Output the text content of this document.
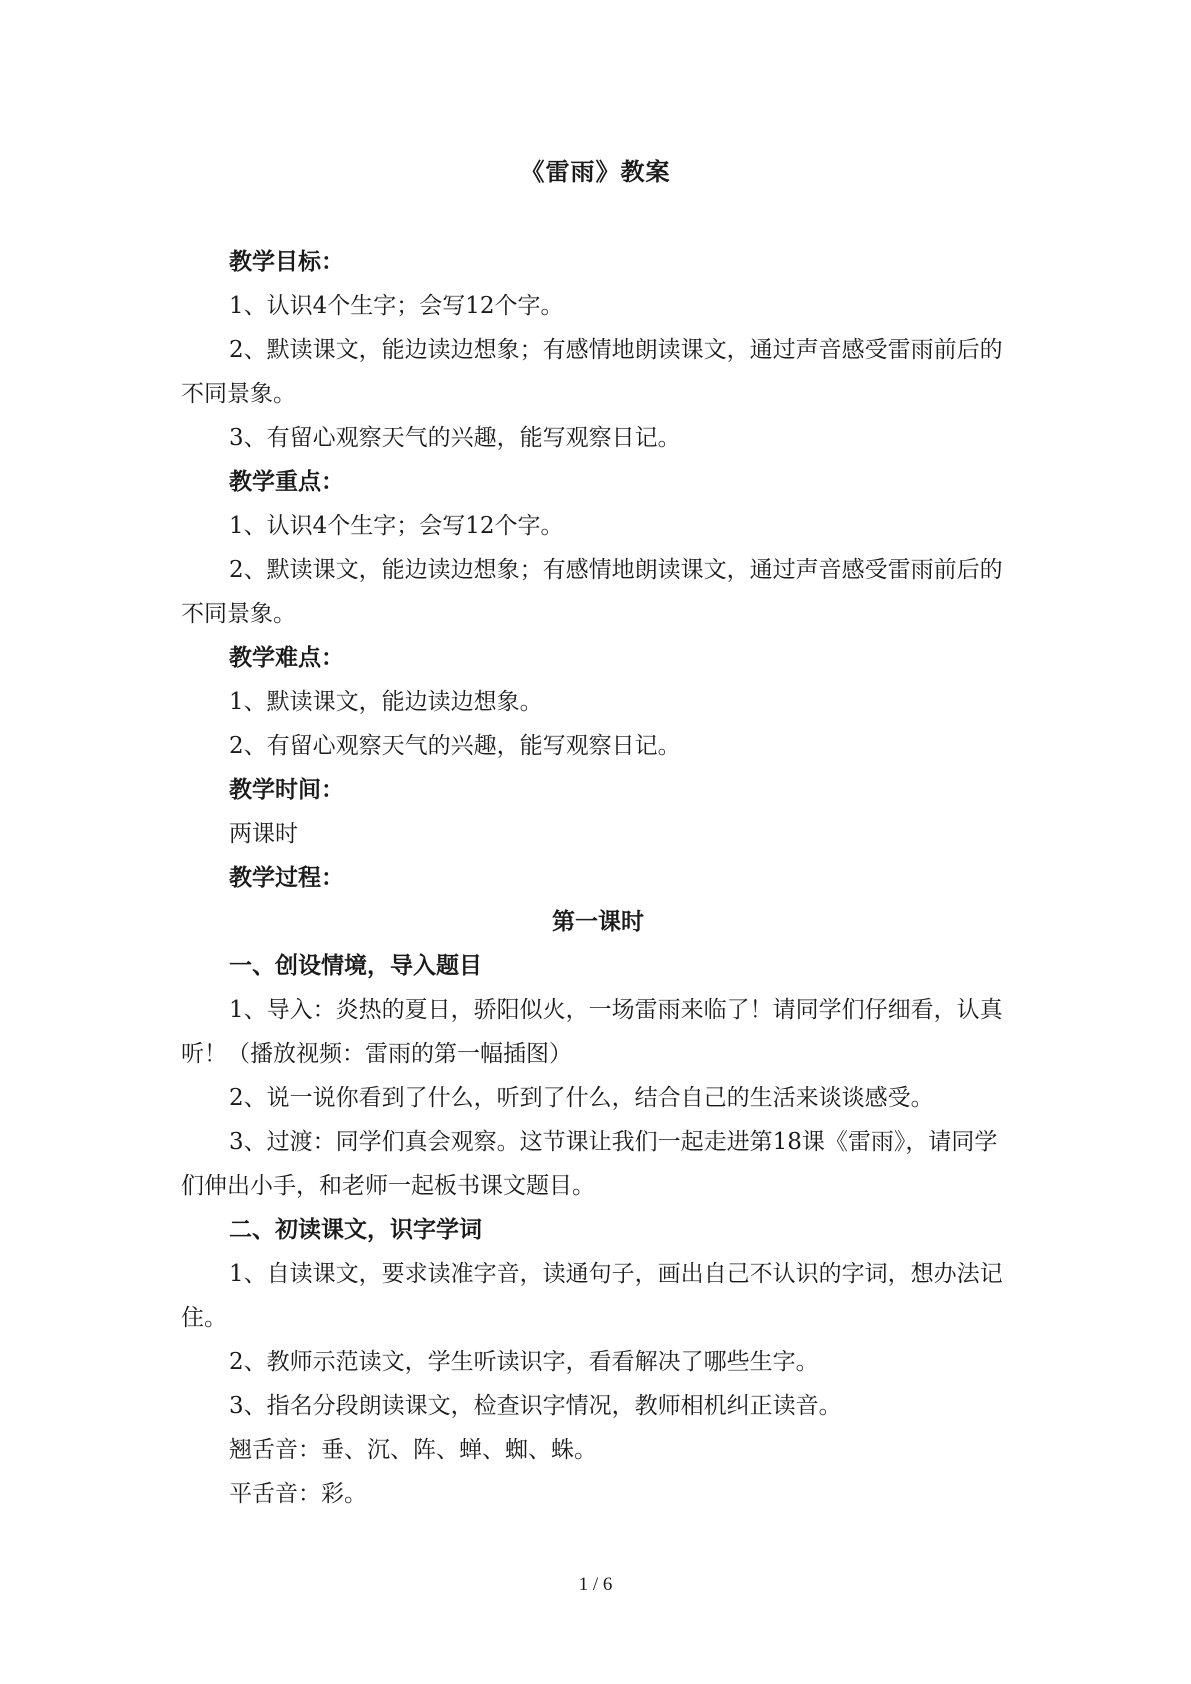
《雷雨》教案

教学目标：

1、认识4个生字；会写12个字。

2、默读课文，能边读边想象；有感情地朗读课文，通过声音感受雷雨前后的不同景象。

3、有留心观察天气的兴趣，能写观察日记。

教学重点：

1、认识4个生字；会写12个字。

2、默读课文，能边读边想象；有感情地朗读课文，通过声音感受雷雨前后的不同景象。

教学难点：

1、默读课文，能边读边想象。

2、有留心观察天气的兴趣，能写观察日记。

教学时间：

两课时

教学过程：

第一课时

一、创设情境，导入题目

1、导入：炎热的夏日，骄阳似火，一场雷雨来临了！请同学们仔细看，认真听！（播放视频：雷雨的第一幅插图）

2、说一说你看到了什么，听到了什么，结合自己的生活来谈谈感受。

3、过渡：同学们真会观察。这节课让我们一起走进第18课《雷雨》，请同学们伸出小手，和老师一起板书课文题目。

二、初读课文，识字学词

1、自读课文，要求读准字音，读通句子，画出自己不认识的字词，想办法记住。

2、教师示范读文，学生听读识字，看看解决了哪些生字。

3、指名分段朗读课文，检查识字情况，教师相机纠正读音。

翘舌音：垂、沉、阵、蝉、蜘、蛛。

平舌音：彩。

1 / 6
